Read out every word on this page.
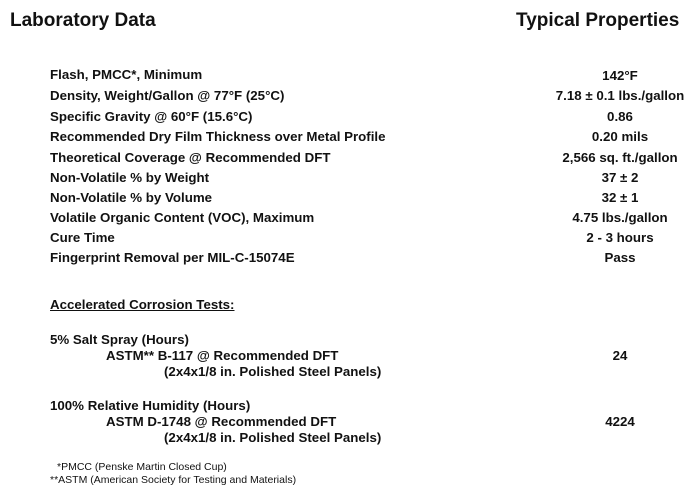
Laboratory Data	Typical Properties
Flash, PMCC*, Minimum	142°F
Density, Weight/Gallon @ 77°F (25°C)	7.18 ± 0.1 lbs./gallon
Specific Gravity @ 60°F (15.6°C)	0.86
Recommended Dry Film Thickness over Metal Profile	0.20 mils
Theoretical Coverage @ Recommended DFT	2,566 sq. ft./gallon
Non-Volatile % by Weight	37 ± 2
Non-Volatile % by Volume	32 ± 1
Volatile Organic Content (VOC), Maximum	4.75 lbs./gallon
Cure Time	2 - 3 hours
Fingerprint Removal per MIL-C-15074E	Pass
Accelerated Corrosion Tests:
5% Salt Spray (Hours)
ASTM** B-117 @ Recommended DFT	24
(2x4x1/8 in. Polished Steel Panels)
100% Relative Humidity (Hours)
ASTM D-1748 @ Recommended DFT	4224
(2x4x1/8 in. Polished Steel Panels)
*PMCC (Penske Martin Closed Cup)
**ASTM (American Society for Testing and Materials)
